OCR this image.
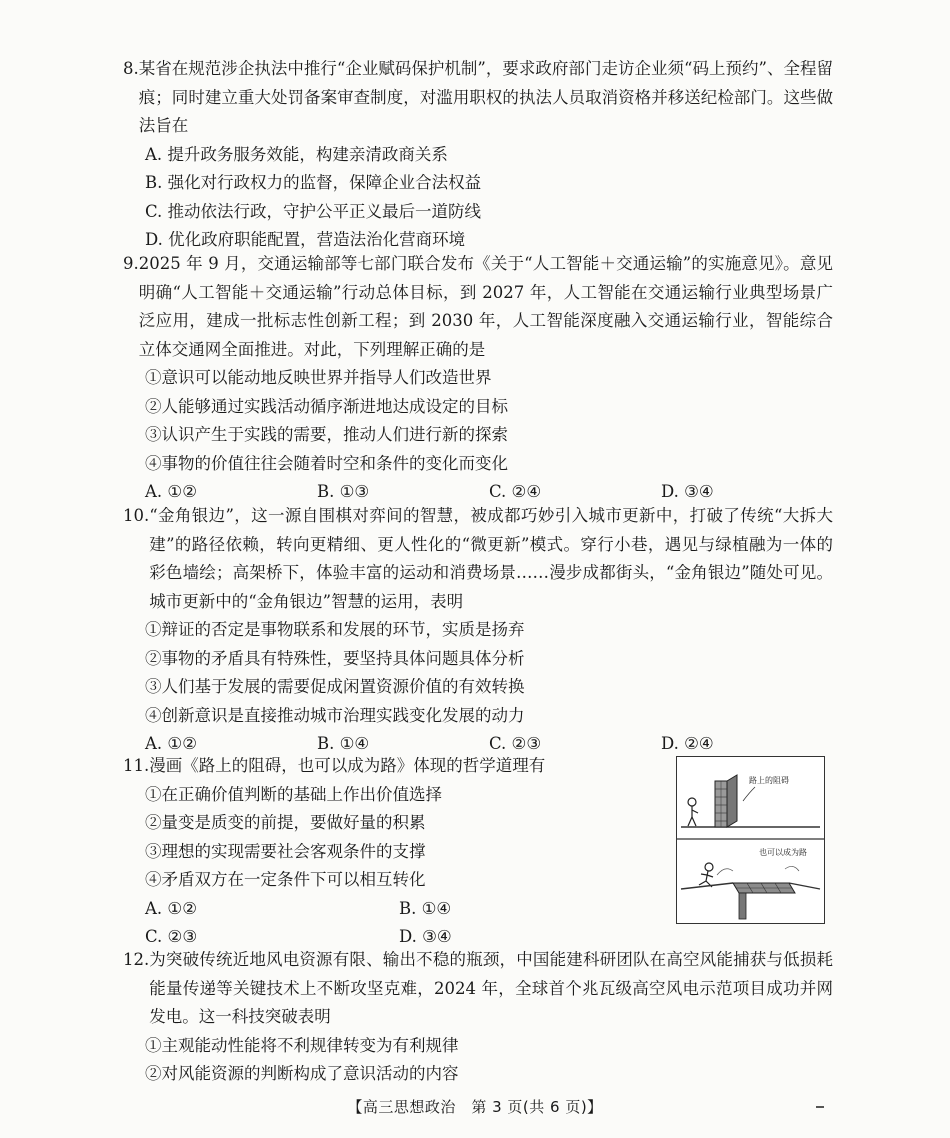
8. 某省在规范涉企执法中推行“企业赋码保护机制”，要求政府部门走访企业须“码上预约”、全程留痕；同时建立重大处罚备案审查制度，对滥用职权的执法人员取消资格并移送纪检部门。这些做法旨在
A. 提升政务服务效能，构建亲清政商关系
B. 强化对行政权力的监督，保障企业合法权益
C. 推动依法行政，守护公平正义最后一道防线
D. 优化政府职能配置，营造法治化营商环境
9. 2025 年 9 月，交通运输部等七部门联合发布《关于“人工智能＋交通运输”的实施意见》。意见明确“人工智能＋交通运输”行动总体目标，到 2027 年，人工智能在交通运输行业典型场景广泛应用，建成一批标志性创新工程；到 2030 年，人工智能深度融入交通运输行业，智能综合立体交通网全面推进。对此，下列理解正确的是
①意识可以能动地反映世界并指导人们改造世界
②人能够通过实践活动循序渐进地达成设定的目标
③认识产生于实践的需要，推动人们进行新的探索
④事物的价值往往会随着时空和条件的变化而变化
A. ①②	B. ①③	C. ②④	D. ③④
10. “金角银边”，这一源自围棋对弈间的智慧，被成都巧妙引入城市更新中，打破了传统“大拆大建”的路径依赖，转向更精细、更人性化的“微更新”模式。穿行小巷，遇见与绿植融为一体的彩色墙绘；高架桥下，体验丰富的运动和消费场景……漫步成都街头，“金角银边”随处可见。城市更新中的“金角银边”智慧的运用，表明
①辩证的否定是事物联系和发展的环节，实质是扬弃
②事物的矛盾具有特殊性，要坚持具体问题具体分析
③人们基于发展的需要促成闲置资源价值的有效转换
④创新意识是直接推动城市治理实践变化发展的动力
A. ①②	B. ①④	C. ②③	D. ②④
11. 漫画《路上的阻碍，也可以成为路》体现的哲学道理有
①在正确价值判断的基础上作出价值选择
②量变是质变的前提，要做好量的积累
③理想的实现需要社会客观条件的支撑
④矛盾双方在一定条件下可以相互转化
A. ①②	B. ①④
C. ②③	D. ③④
路上的阻碍
也可以成为路
12. 为突破传统近地风电资源有限、输出不稳的瓶颈，中国能建科研团队在高空风能捕获与低损耗能量传递等关键技术上不断攻坚克难，2024 年，全球首个兆瓦级高空风电示范项目成功并网发电。这一科技突破表明
①主观能动性能将不利规律转变为有利规律
②对风能资源的判断构成了意识活动的内容
【高三思想政治　第 3 页(共 6 页)】
